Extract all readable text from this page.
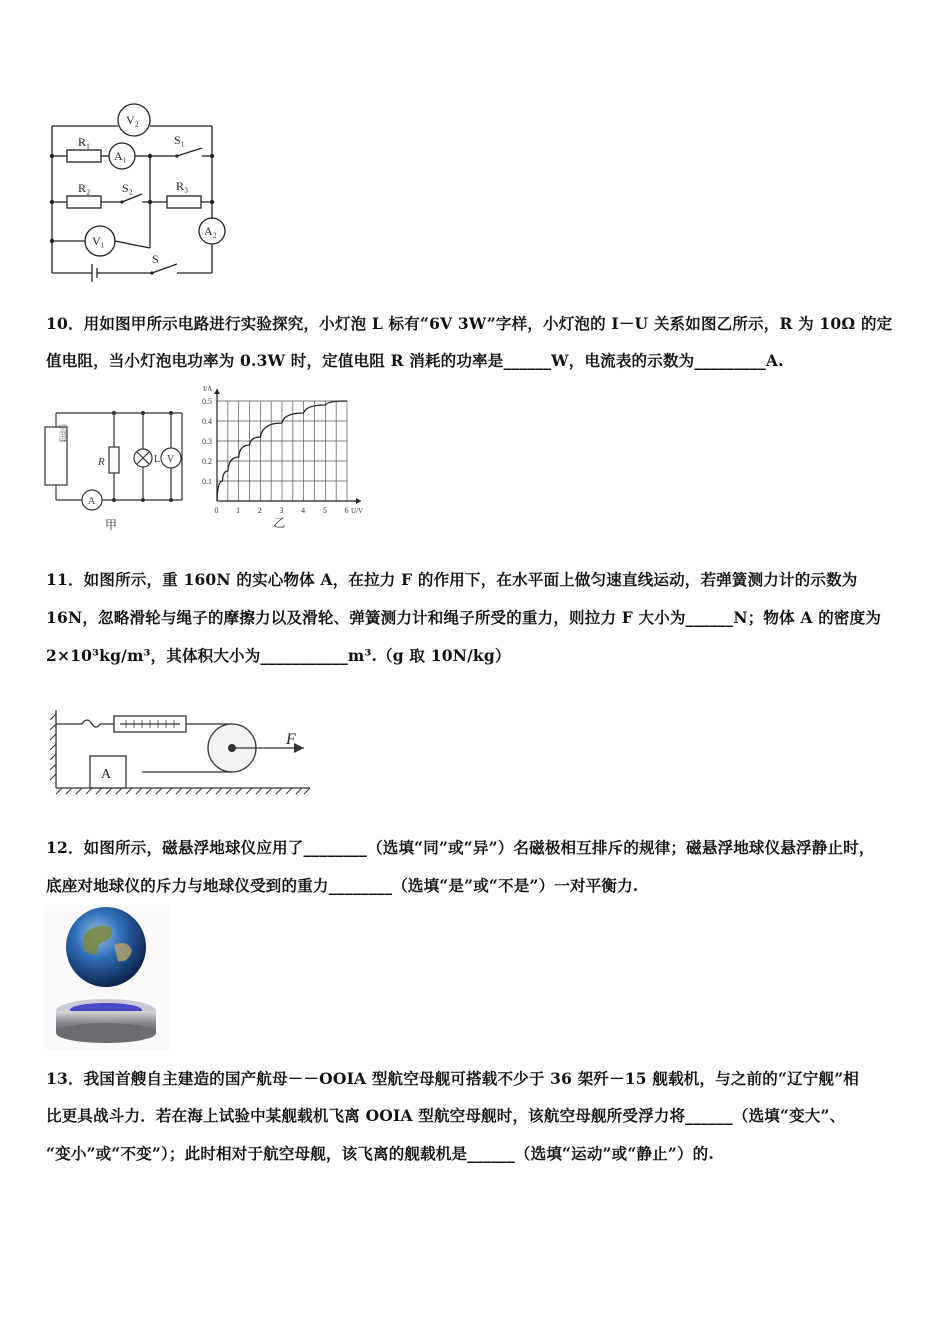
V₂
R₁
A₁
S₁
R₂	S₂	R₃
A₂
V₁
S
10．用如图甲所示电路进行实验探究，小灯泡 L 标有“6V 3W”字样，小灯泡的 I－U 关系如图乙所示，R 为 10Ω 的定
值电阻，当小灯泡电功率为 0.3W 时，定值电阻 R 消耗的功率是______W，电流表的示数为_________A.
电压可调学生电源	R	L V
A
甲
0 1 2 3 4 5 6
0.1
0.2
0.3
0.4
0.5
I/A
U/V
乙
11．如图所示，重 160N 的实心物体 A，在拉力 F 的作用下，在水平面上做匀速直线运动，若弹簧测力计的示数为
16N，忽略滑轮与绳子的摩擦力以及滑轮、弹簧测力计和绳子所受的重力，则拉力 F 大小为______N；物体 A 的密度为
2×10³kg/m³，其体积大小为___________m³.（g 取 10N/kg）
A
F
12．如图所示，磁悬浮地球仪应用了________（选填“同”或“异”）名磁极相互排斥的规律；磁悬浮地球仪悬浮静止时，
底座对地球仪的斥力与地球仪受到的重力________（选填“是”或“不是”）一对平衡力.
13．我国首艘自主建造的国产航母－－OOIA 型航空母舰可搭载不少于 36 架歼－15 舰载机，与之前的“辽宁舰”相
比更具战斗力．若在海上试验中某舰载机飞离 OOIA 型航空母舰时，该航空母舰所受浮力将______（选填“变大”、
“变小”或“不变”）；此时相对于航空母舰，该飞离的舰载机是______（选填“运动”或“静止”）的.
